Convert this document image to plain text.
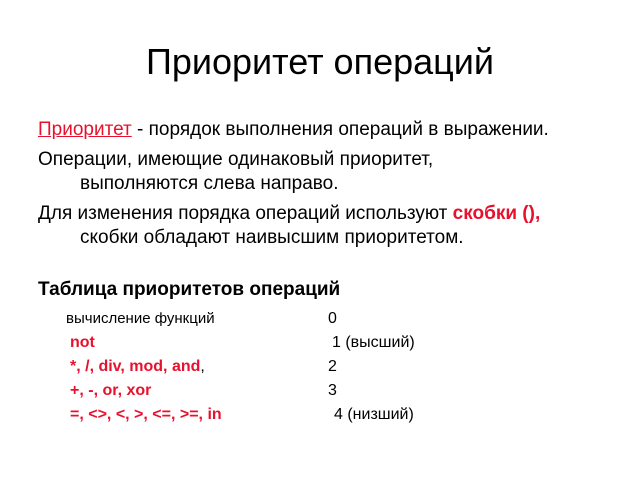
Приоритет операций
Приоритет - порядок выполнения операций в выражении.
Операции, имеющие одинаковый приоритет,
выполняются слева направо.
Для изменения порядка операций используют скобки (),
скобки обладают наивысшим приоритетом.
Таблица приоритетов операций
вычисление функций	0
not	1 (высший)
*, /, div, mod, and,	2
+, -, or, xor	3
=, <>, <, >, <=, >=, in	4 (низший)
